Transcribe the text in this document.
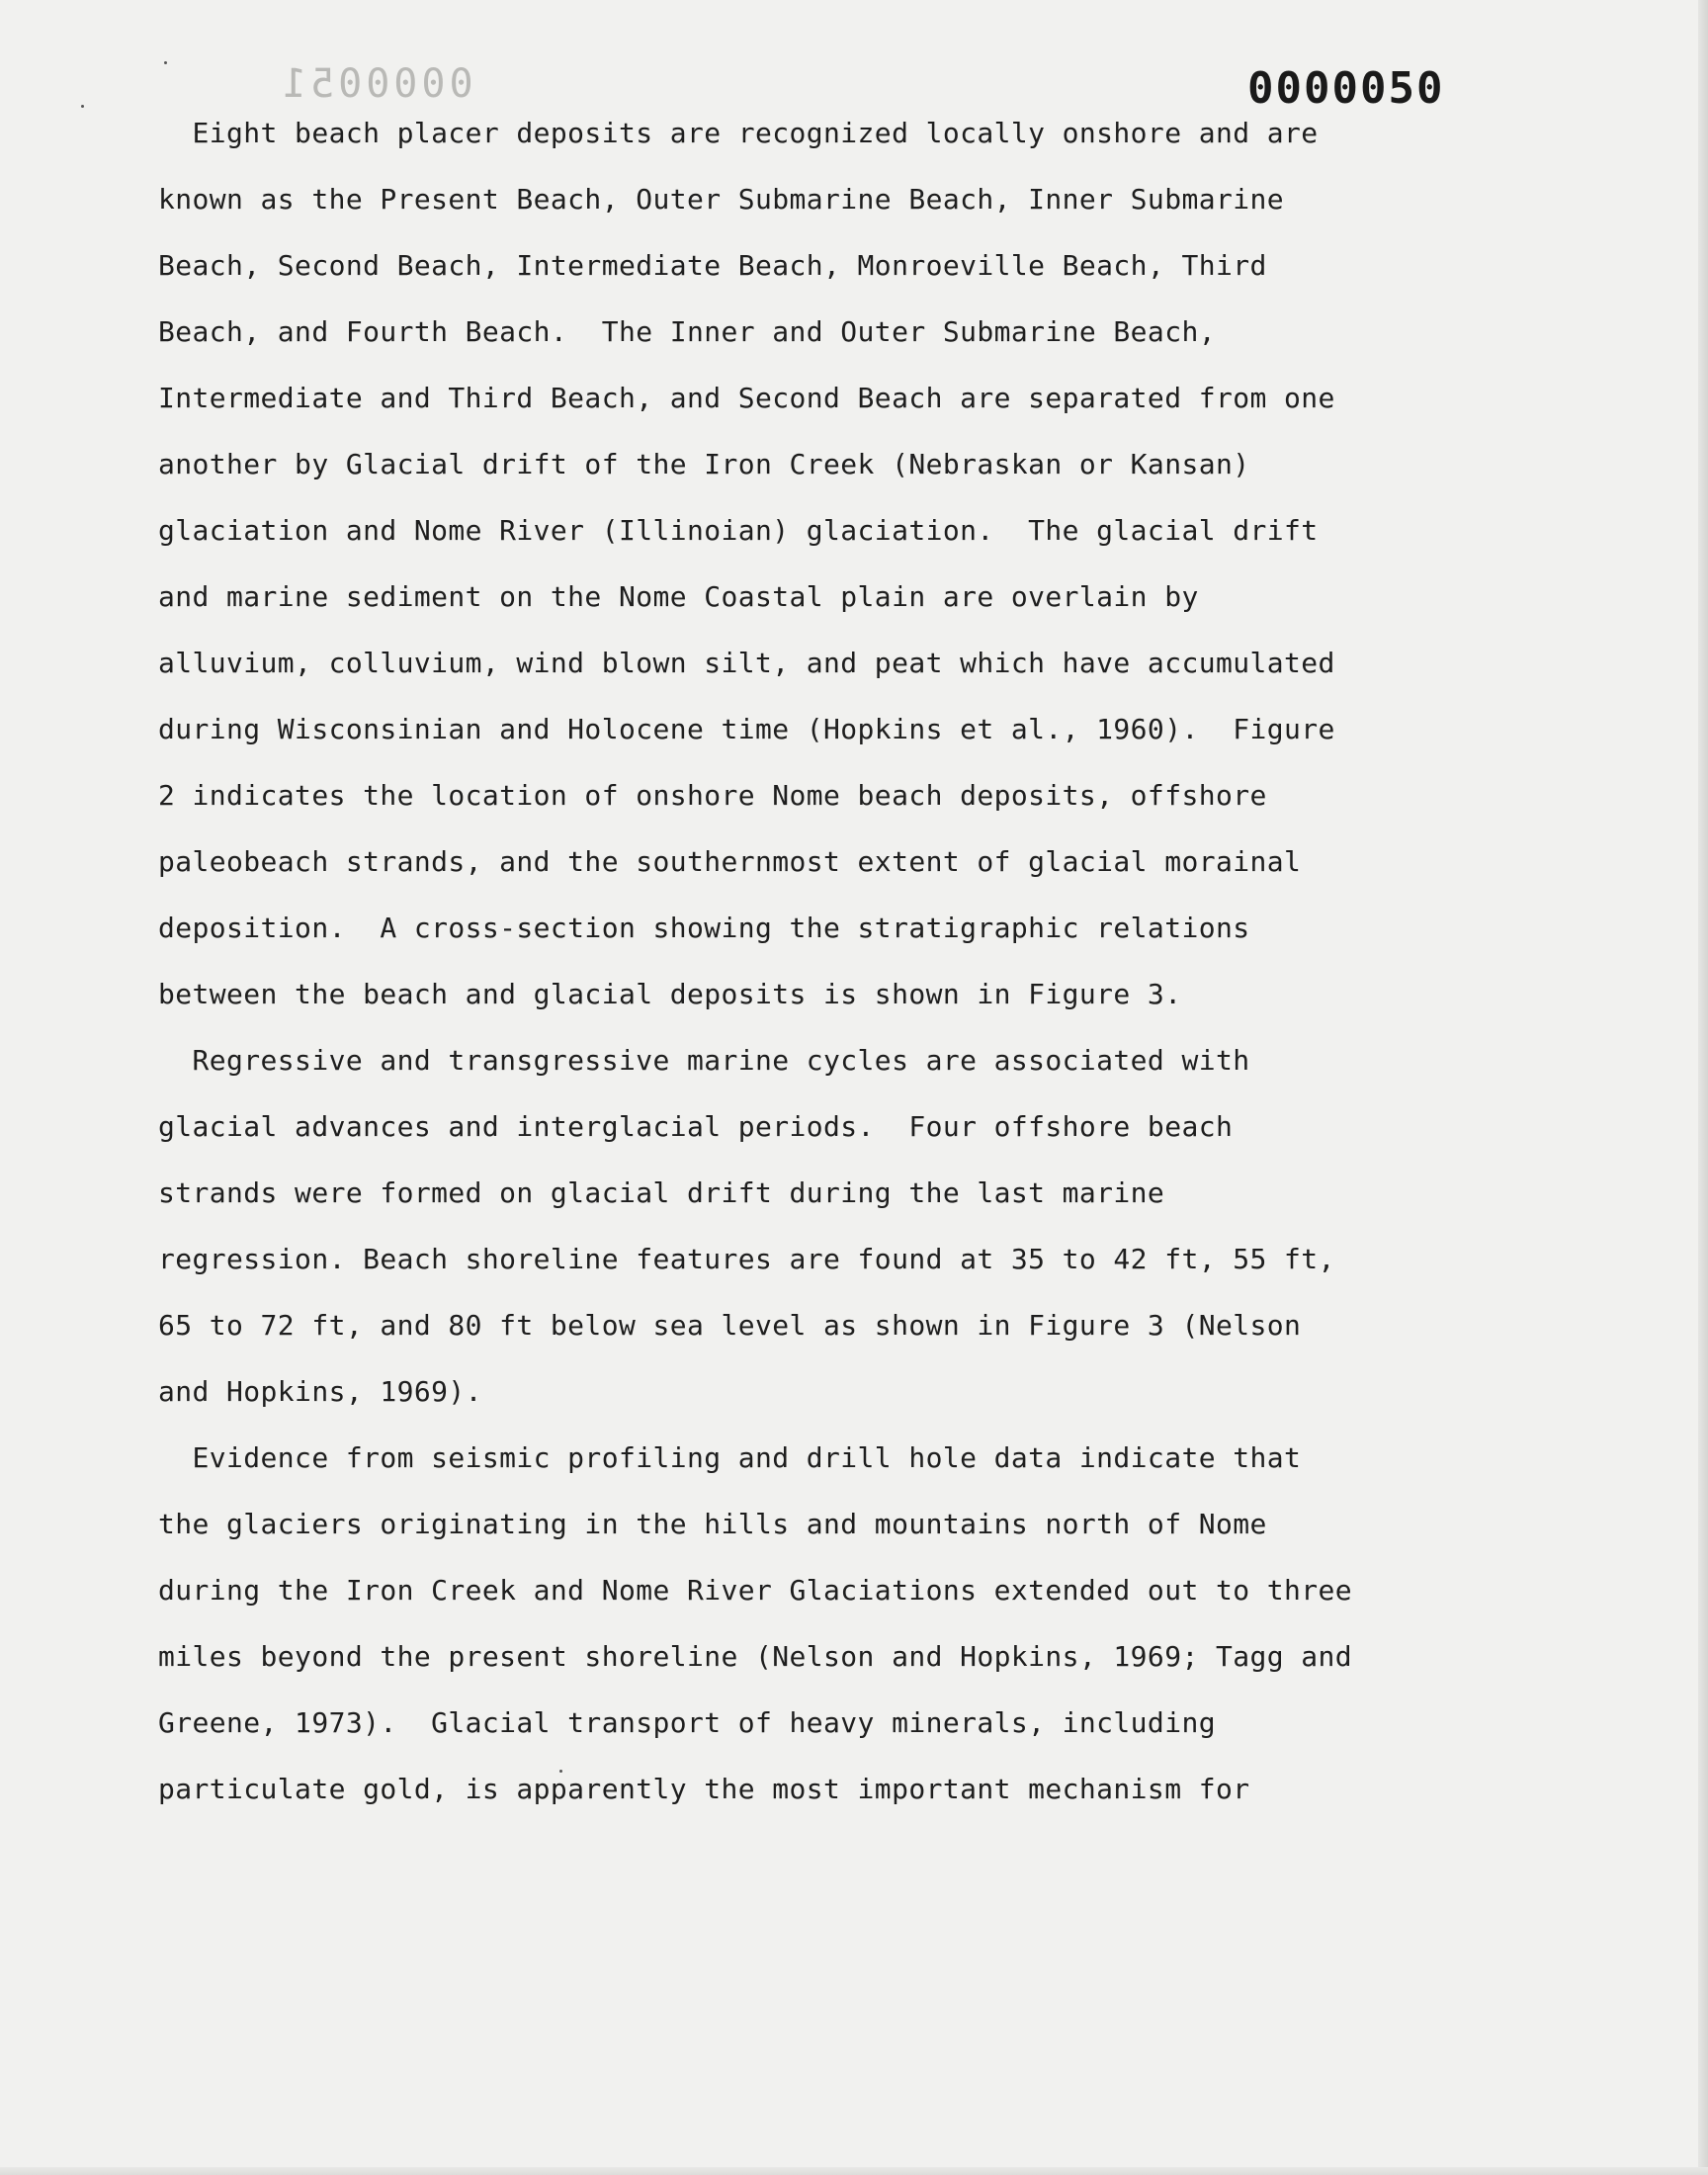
0000051	0000050
Eight beach placer deposits are recognized locally onshore and are
known as the Present Beach, Outer Submarine Beach, Inner Submarine
Beach, Second Beach, Intermediate Beach, Monroeville Beach, Third
Beach, and Fourth Beach.  The Inner and Outer Submarine Beach,
Intermediate and Third Beach, and Second Beach are separated from one
another by Glacial drift of the Iron Creek (Nebraskan or Kansan)
glaciation and Nome River (Illinoian) glaciation.  The glacial drift
and marine sediment on the Nome Coastal plain are overlain by
alluvium, colluvium, wind blown silt, and peat which have accumulated
during Wisconsinian and Holocene time (Hopkins et al., 1960).  Figure
2 indicates the location of onshore Nome beach deposits, offshore
paleobeach strands, and the southernmost extent of glacial morainal
deposition.  A cross-section showing the stratigraphic relations
between the beach and glacial deposits is shown in Figure 3.
Regressive and transgressive marine cycles are associated with
glacial advances and interglacial periods.  Four offshore beach
strands were formed on glacial drift during the last marine
regression. Beach shoreline features are found at 35 to 42 ft, 55 ft,
65 to 72 ft, and 80 ft below sea level as shown in Figure 3 (Nelson
and Hopkins, 1969).
Evidence from seismic profiling and drill hole data indicate that
the glaciers originating in the hills and mountains north of Nome
during the Iron Creek and Nome River Glaciations extended out to three
miles beyond the present shoreline (Nelson and Hopkins, 1969; Tagg and
Greene, 1973).  Glacial transport of heavy minerals, including
particulate gold, is apparently the most important mechanism for
